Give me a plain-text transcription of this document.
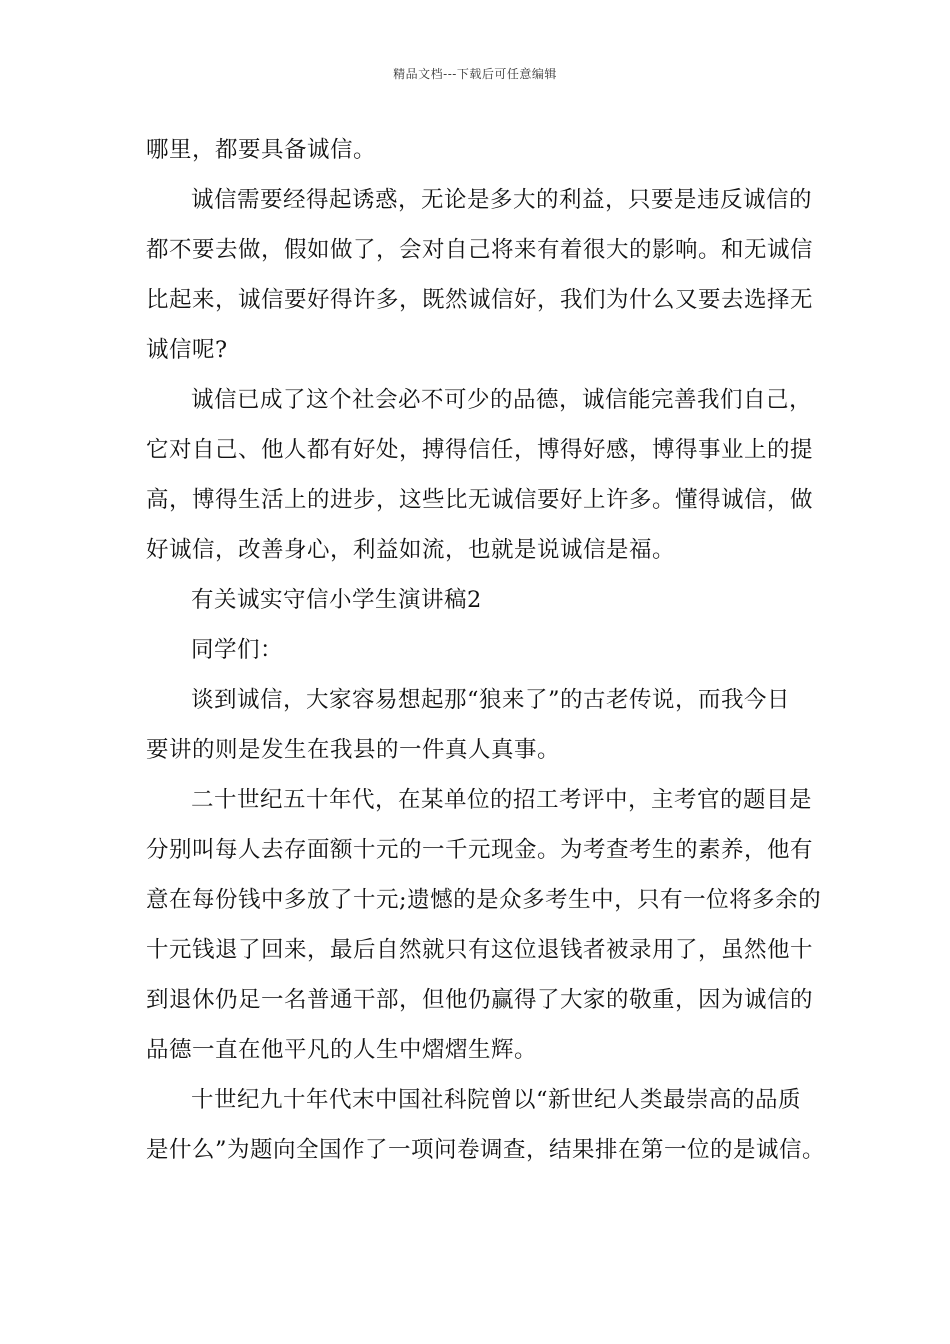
精品文档---下载后可任意编辑

哪里，都要具备诚信。

诚信需要经得起诱惑，无论是多大的利益，只要是违反诚信的
都不要去做，假如做了，会对自己将来有着很大的影响。和无诚信
比起来，诚信要好得许多，既然诚信好，我们为什么又要去选择无
诚信呢?

诚信已成了这个社会必不可少的品德，诚信能完善我们自己，
它对自己、他人都有好处，搏得信任，博得好感，博得事业上的提
高，博得生活上的进步，这些比无诚信要好上许多。懂得诚信，做
好诚信，改善身心，利益如流，也就是说诚信是福。

有关诚实守信小学生演讲稿2

同学们：

谈到诚信，大家容易想起那“狼来了”的古老传说，而我今日
要讲的则是发生在我县的一件真人真事。

二十世纪五十年代，在某单位的招工考评中，主考官的题目是
分别叫每人去存面额十元的一千元现金。为考查考生的素养，他有
意在每份钱中多放了十元;遗憾的是众多考生中，只有一位将多余的
十元钱退了回来，最后自然就只有这位退钱者被录用了，虽然他十
到退休仍足一名普通干部，但他仍赢得了大家的敬重，因为诚信的
品德一直在他平凡的人生中熠熠生辉。

十世纪九十年代末中国社科院曾以“新世纪人类最崇高的品质
是什么”为题向全国作了一项问卷调查，结果排在第一位的是诚信。
